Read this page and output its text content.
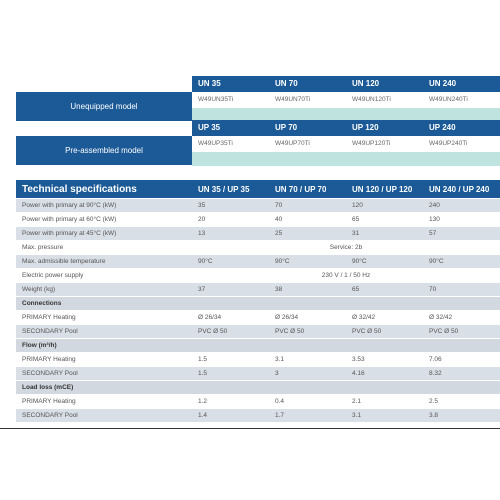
UN 35	UN 70	UN 120	UN 240
W49UN35Ti	W49UN70Ti	W49UN120Ti	W49UN240Ti
Unequipped model
UP 35	UP 70	UP 120	UP 240
W49UP35Ti	W49UP70Ti	W49UP120Ti	W49UP240Ti
Pre-assembled model
Technical specifications	UN 35 / UP 35	UN 70 / UP 70	UN 120 / UP 120	UN 240 / UP 240
Power with primary at 90°C (kW)	35	70	120	240
Power with primary at 60°C (kW)	20	40	65	130
Power with primary at 45°C (kW)	13	25	31	57
Max. pressure	Service: 2b			
Max. admissible temperature	90°C	90°C	90°C	90°C
Electric power supply	230 V / 1 / 50 Hz			
Weight (kg)	37	38	65	70
Connections				
PRIMARY Heating	Ø 26/34	Ø 26/34	Ø 32/42	Ø 32/42
SECONDARY Pool	PVC Ø 50	PVC Ø 50	PVC Ø 50	PVC Ø 50
Flow (m³/h)				
PRIMARY Heating	1.5	3.1	3.53	7.06
SECONDARY Pool	1.5	3	4.16	8.32
Load loss (mCE)				
PRIMARY Heating	1.2	0.4	2.1	2.5
SECONDARY Pool	1.4	1.7	3.1	3.8
